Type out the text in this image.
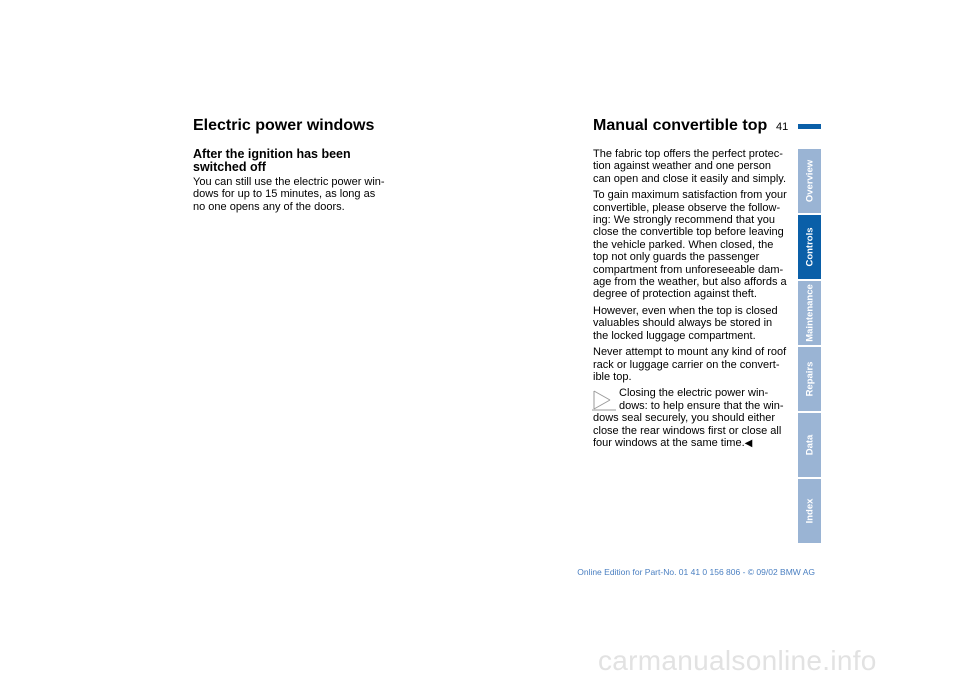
Electric power windows	Manual convertible top 41
After the ignition has been
switched off
You can still use the electric power win-
dows for up to 15 minutes, as long as
no one opens any of the doors.

The fabric top offers the perfect protec-
tion against weather and one person
can open and close it easily and simply.

To gain maximum satisfaction from your
convertible, please observe the follow-
ing: We strongly recommend that you
close the convertible top before leaving
the vehicle parked. When closed, the
top not only guards the passenger
compartment from unforeseeable dam-
age from the weather, but also affords a
degree of protection against theft.

However, even when the top is closed
valuables should always be stored in
the locked luggage compartment.

Never attempt to mount any kind of roof
rack or luggage carrier on the convert-
ible top.

Closing the electric power win-
dows: to help ensure that the win-
dows seal securely, you should either
close the rear windows first or close all
four windows at the same time.◀
Overview
Controls
Maintenance
Repairs
Data
Index
Online Edition for Part-No. 01 41 0 156 806 - © 09/02 BMW AG
carmanualsonline.info
